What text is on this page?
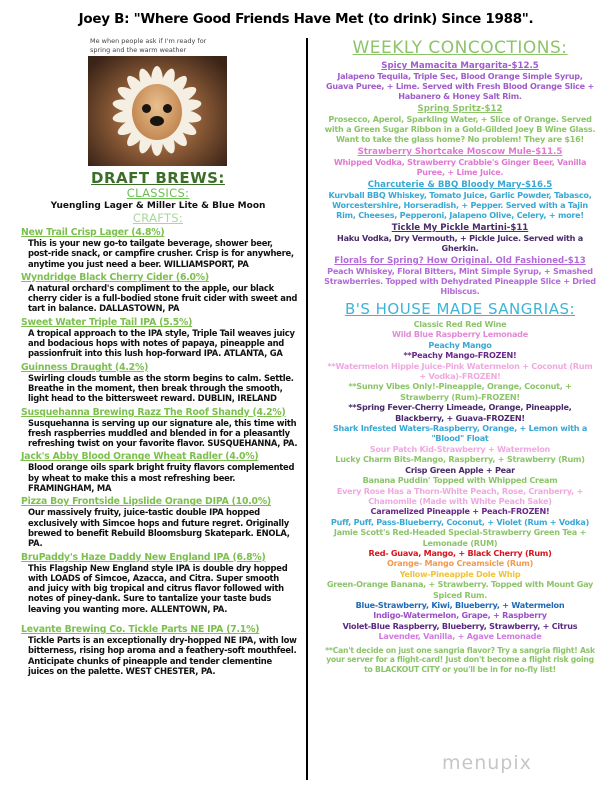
Joey B: "Where Good Friends Have Met (to drink) Since 1988".
Me when people ask if I'm ready for spring and the warm weather
DRAFT BREWS:
CLASSICS:
Yuengling Lager & Miller Lite & Blue Moon
CRAFTS:
New Trail Crisp Lager (4.8%)
This is your new go-to tailgate beverage, shower beer, post-ride snack, or campfire crusher. Crisp is for anywhere, anytime you just need a beer. WILLIAMSPORT, PA
Wyndridge Black Cherry Cider (6.0%)
A natural orchard's compliment to the apple, our black cherry cider is a full-bodied stone fruit cider with sweet and tart in balance. DALLASTOWN, PA
Sweet Water Triple Tail IPA (5.5%)
A tropical approach to the IPA style, Triple Tail weaves juicy and bodacious hops with notes of papaya, pineapple and passionfruit into this lush hop-forward IPA. ATLANTA, GA
Guinness Draught (4.2%)
Swirling clouds tumble as the storm begins to calm. Settle. Breathe in the moment, then break through the smooth, light head to the bittersweet reward. DUBLIN, IRELAND
Susquehanna Brewing Razz The Roof Shandy (4.2%)
Susquehanna is serving up our signature ale, this time with fresh raspberries muddled and blended in for a pleasantly refreshing twist on your favorite flavor. SUSQUEHANNA, PA.
Jack's Abby Blood Orange Wheat Radler (4.0%)
Blood orange oils spark bright fruity flavors complemented by wheat to make this a most refreshing beer. FRAMINGHAM, MA
Pizza Boy Frontside Lipslide Orange DIPA (10.0%)
Our massively fruity, juice-tastic double IPA hopped exclusively with Simcoe hops and future regret. Originally brewed to benefit Rebuild Bloomsburg Skatepark. ENOLA, PA.
BruPaddy's Haze Daddy New England IPA (6.8%)
This Flagship New England style IPA is double dry hopped with LOADS of Simcoe, Azacca, and Citra. Super smooth and juicy with big tropical and citrus flavor followed with notes of piney-dank. Sure to tantalize your taste buds leaving you wanting more. ALLENTOWN, PA.
Levante Brewing Co. Tickle Parts NE IPA (7.1%)
Tickle Parts is an exceptionally dry-hopped NE IPA, with low bitterness, rising hop aroma and a feathery-soft mouthfeel. Anticipate chunks of pineapple and tender clementine juices on the palette. WEST CHESTER, PA.
WEEKLY CONCOCTIONS:
Spicy Mamacita Margarita-$12.5
Jalapeno Tequila, Triple Sec, Blood Orange Simple Syrup, Guava Puree, + Lime. Served with Fresh Blood Orange Slice + Habanero & Honey Salt Rim.
Spring Spritz-$12
Prosecco, Aperol, Sparkling Water, + Slice of Orange. Served with a Green Sugar Ribbon in a Gold-Gilded Joey B Wine Glass. Want to take the glass home? No problem! They are $16!
Strawberry Shortcake Moscow Mule-$11.5
Whipped Vodka, Strawberry Crabbie's Ginger Beer, Vanilla Puree, + Lime Juice.
Charcuterie & BBQ Bloody Mary-$16.5
Kurvball BBQ Whiskey, Tomato Juice, Garlic Powder, Tabasco, Worcestershire, Horseradish, + Pepper. Served with a Tajin Rim, Cheeses, Pepperoni, Jalapeno Olive, Celery, + more!
Tickle My Pickle Martini-$11
Haku Vodka, Dry Vermouth, + Pickle Juice. Served with a Gherkin.
Florals for Spring? How Original. Old Fashioned-$13
Peach Whiskey, Floral Bitters, Mint Simple Syrup, + Smashed Strawberries. Topped with Dehydrated Pineapple Slice + Dried Hibiscus.
B'S HOUSE MADE SANGRIAS:
Classic Red Red Wine
Wild Blue Raspberry Lemonade
Peachy Mango
**Peachy Mango-FROZEN!
**Watermelon Hippie Juice-Pink Watermelon + Coconut (Rum + Vodka)-FROZEN!
**Sunny Vibes Only!-Pineapple, Orange, Coconut, + Strawberry (Rum)-FROZEN!
**Spring Fever-Cherry Limeade, Orange, Pineapple, Blackberry, + Guava-FROZEN!
Shark Infested Waters-Raspberry, Orange, + Lemon with a "Blood" Float
Sour Patch Kid-Strawberry + Watermelon
Lucky Charm Bits-Mango, Raspberry, + Strawberry (Rum)
Crisp Green Apple + Pear
Banana Puddin' Topped with Whipped Cream
Every Rose Has a Thorn-White Peach, Rose, Cranberry, + Chamomile (Made with White Peach Sake)
Caramelized Pineapple + Peach-FROZEN!
Puff, Puff, Pass-Blueberry, Coconut, + Violet (Rum + Vodka)
Jamie Scott's Red-Headed Special-Strawberry Green Tea + Lemonade (RUM)
Red- Guava, Mango, + Black Cherry (Rum)
Orange- Mango Creamsicle (Rum)
Yellow-Pineapple Dole Whip
Green-Orange Banana, + Strawberry. Topped with Mount Gay Spiced Rum.
Blue-Strawberry, Kiwi, Blueberry, + Watermelon
Indigo-Watermelon, Grape, + Raspberry
Violet-Blue Raspberry, Blueberry, Strawberry, + Citrus
Lavender, Vanilla, + Agave Lemonade
**Can't decide on just one sangria flavor? Try a sangria flight! Ask your server for a flight-card! Just don't become a flight risk going to BLACKOUT CITY or you'll be in for no-fly list!
menupix
